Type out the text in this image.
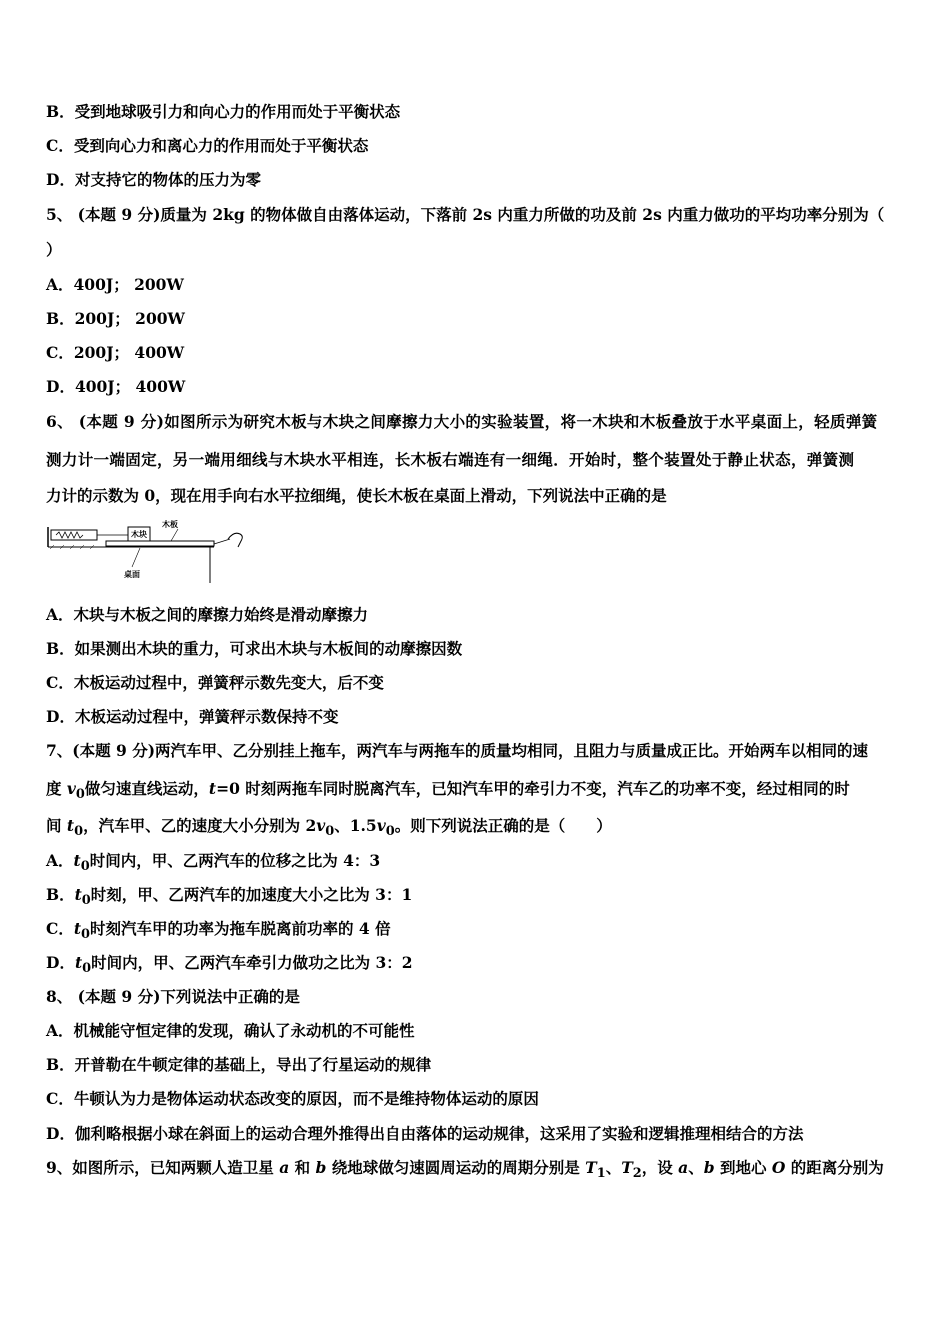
B．受到地球吸引力和向心力的作用而处于平衡状态
C．受到向心力和离心力的作用而处于平衡状态
D．对支持它的物体的压力为零
5、 (本题 9 分)质量为 2kg 的物体做自由落体运动，下落前 2s 内重力所做的功及前 2s 内重力做功的平均功率分别为（
）
A．400J； 200W
B．200J； 200W
C．200J； 400W
D．400J； 400W
6、 (本题 9 分)如图所示为研究木板与木块之间摩擦力大小的实验装置，将一木块和木板叠放于水平桌面上，轻质弹簧
测力计一端固定，另一端用细线与木块水平相连，长木板右端连有一细绳．开始时，整个装置处于静止状态，弹簧测
力计的示数为 0，现在用手向右水平拉细绳，使长木板在桌面上滑动，下列说法中正确的是
木块
木板
桌面
A．木块与木板之间的摩擦力始终是滑动摩擦力
B．如果测出木块的重力，可求出木块与木板间的动摩擦因数
C．木板运动过程中，弹簧秤示数先变大，后不变
D．木板运动过程中，弹簧秤示数保持不变
7、(本题 9 分)两汽车甲、乙分别挂上拖车，两汽车与两拖车的质量均相同，且阻力与质量成正比。开始两车以相同的速
度 $v_0$做匀速直线运动，t=0 时刻两拖车同时脱离汽车，已知汽车甲的牵引力不变，汽车乙的功率不变，经过相同的时
间 $t_0$，汽车甲、乙的速度大小分别为 $2v_0$、$1.5v_0$。则下列说法正确的是（　　）
A．$t_0$时间内，甲、乙两汽车的位移之比为 4：3
B．$t_0$时刻，甲、乙两汽车的加速度大小之比为 3：1
C．$t_0$时刻汽车甲的功率为拖车脱离前功率的 4 倍
D．$t_0$时间内，甲、乙两汽车牵引力做功之比为 3：2
8、 (本题 9 分)下列说法中正确的是
A．机械能守恒定律的发现，确认了永动机的不可能性
B．开普勒在牛顿定律的基础上，导出了行星运动的规律
C．牛顿认为力是物体运动状态改变的原因，而不是维持物体运动的原因
D．伽利略根据小球在斜面上的运动合理外推得出自由落体的运动规律，这采用了实验和逻辑推理相结合的方法
9、如图所示，已知两颗人造卫星 a 和 b 绕地球做匀速圆周运动的周期分别是 $T_1$、$T_2$，设 a、b 到地心 O 的距离分别为
